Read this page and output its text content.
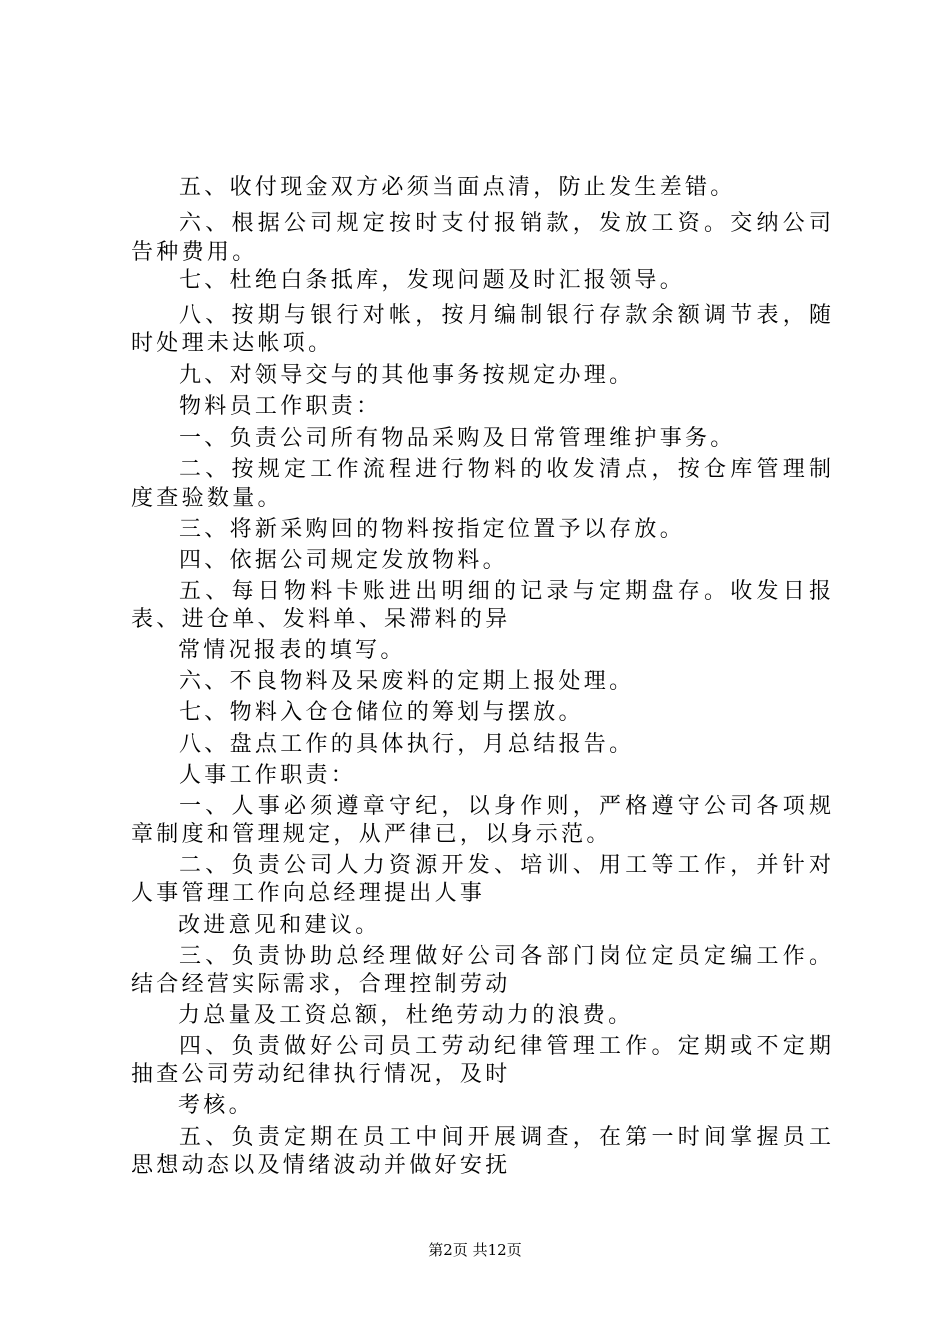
五、收付现金双方必须当面点清，防止发生差错。
六、根据公司规定按时支付报销款，发放工资。交纳公司
告种费用。
七、杜绝白条抵库，发现问题及时汇报领导。
八、按期与银行对帐，按月编制银行存款余额调节表，随
时处理未达帐项。
九、对领导交与的其他事务按规定办理。
物料员工作职责：
一、负责公司所有物品采购及日常管理维护事务。
二、按规定工作流程进行物料的收发清点，按仓库管理制
度查验数量。
三、将新采购回的物料按指定位置予以存放。
四、依据公司规定发放物料。
五、每日物料卡账进出明细的记录与定期盘存。收发日报
表、进仓单、发料单、呆滞料的异
常情况报表的填写。
六、不良物料及呆废料的定期上报处理。
七、物料入仓仓储位的筹划与摆放。
八、盘点工作的具体执行，月总结报告。
人事工作职责：
一、人事必须遵章守纪，以身作则，严格遵守公司各项规
章制度和管理规定，从严律已，以身示范。
二、负责公司人力资源开发、培训、用工等工作，并针对
人事管理工作向总经理提出人事
改进意见和建议。
三、负责协助总经理做好公司各部门岗位定员定编工作。
结合经营实际需求，合理控制劳动
力总量及工资总额，杜绝劳动力的浪费。
四、负责做好公司员工劳动纪律管理工作。定期或不定期
抽查公司劳动纪律执行情况，及时
考核。
五、负责定期在员工中间开展调查，在第一时间掌握员工
思想动态以及情绪波动并做好安抚
第2页 共12页
